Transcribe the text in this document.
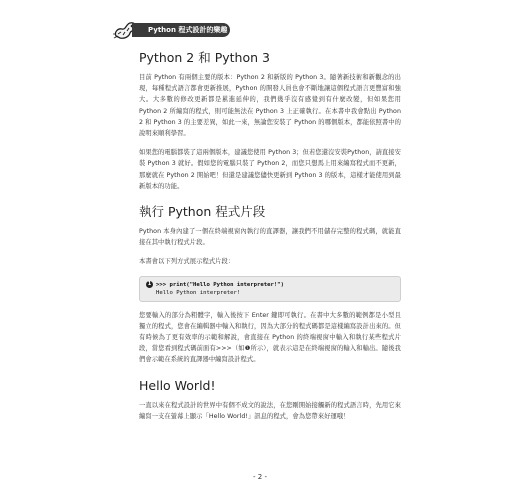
Python 程式設計的樂趣
Python 2 和 Python 3

目前 Python 有兩個主要的版本：Python 2 和新版的 Python 3。隨著新技術和新觀念的出現，每種程式語言都會更新推展，Python 的開發人員也會不斷地讓這個程式語言更豐富和強大。大多數的修改更新都是累進延伸的，我們幾乎沒有感覺到有什麼改變，但如果您用 Python 2 所編寫的程式，則可能無法在 Python 3 上正確執行。在本書中我會點出 Python 2 和 Python 3 的主要差異，如此一來，無論您安裝了 Python 的哪個版本，都能依照書中的說明來順利學習。

如果您的電腦都裝了這兩個版本，建議您使用 Python 3；但若您還沒安裝Python，請直接安裝 Python 3 就好。假如您的電腦只裝了 Python 2，而您只想馬上用來編寫程式而不更新，那麼就在 Python 2 開始吧！但還是建議您儘快更新到 Python 3 的版本，這樣才能使用到最新版本的功能。

執行 Python 程式片段

Python 本身內建了一個在終端視窗內執行的直譯器，讓我們不用儲存完整的程式碼，就能直接在其中執行程式片段。

本書會以下列方式展示程式片段：

1 >>> print("Hello Python interpreter!")
Hello Python interpreter!

您要輸入的部分為粗體字，輸入後按下 Enter 鍵即可執行。在書中大多數的範例都是小型且獨立的程式，您會在編輯器中輸入和執行，因為大部分的程式碼都是這樣編寫設計出來的。但有時候為了更有效率的示範和解說，會直接在 Python 的終端視窗中輸入和執行某些程式片段，當您看到程式碼前面有>>>（如❶所示），就表示這是在終端視窗的輸入和輸出。隨後我們會示範在系統的直譯器中編寫設計程式。

Hello World!

一直以來在程式設計的世界中有個不成文的說法，在您剛開始接觸新的程式語言時，先用它來編寫一支在螢幕上顯示「Hello World!」訊息的程式，會為您帶來好運哦！

- 2 -
